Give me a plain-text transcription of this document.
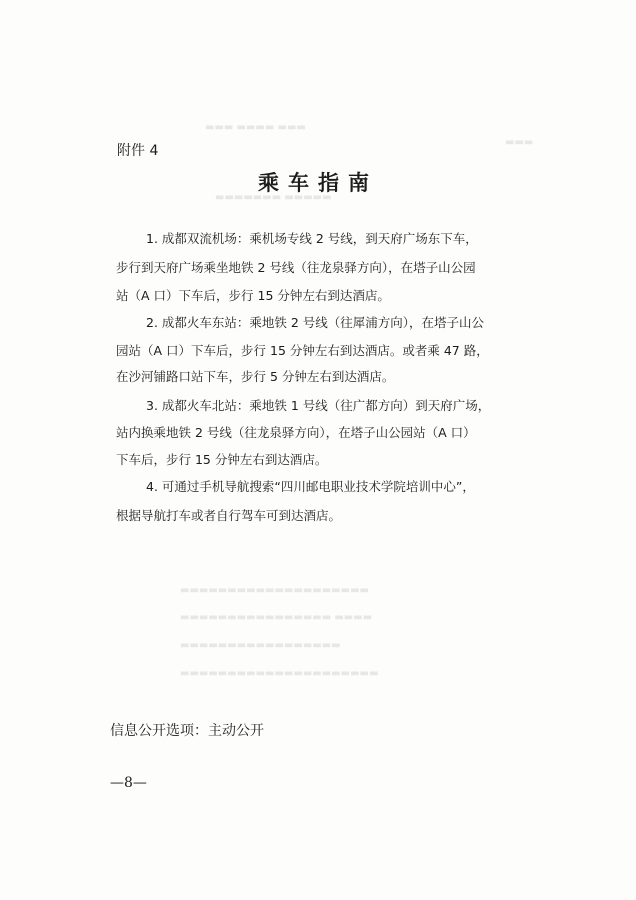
▬▬▬ ▬▬▬▬ ▬▬▬
▬▬▬
▬▬▬▬▬▬▬ ▬▬▬▬▬
▬▬▬▬▬▬▬▬▬▬▬▬▬▬▬▬▬▬▬▬
▬▬▬▬▬▬▬▬▬▬▬▬▬▬▬▬ ▬▬▬▬
▬▬▬▬▬▬▬▬▬▬▬▬▬▬▬▬▬
▬▬▬▬▬▬▬▬▬▬▬▬▬▬▬▬▬▬▬▬▬
附件 4
乘车指南
1. 成都双流机场：乘机场专线 2 号线，到天府广场东下车，
步行到天府广场乘坐地铁 2 号线（往龙泉驿方向），在塔子山公园
站（A 口）下车后，步行 15 分钟左右到达酒店。
2. 成都火车东站：乘地铁 2 号线（往犀浦方向），在塔子山公
园站（A 口）下车后，步行 15 分钟左右到达酒店。或者乘 47 路，
在沙河铺路口站下车，步行 5 分钟左右到达酒店。
3. 成都火车北站：乘地铁 1 号线（往广都方向）到天府广场，
站内换乘地铁 2 号线（往龙泉驿方向），在塔子山公园站（A 口）
下车后，步行 15 分钟左右到达酒店。
4. 可通过手机导航搜索“四川邮电职业技术学院培训中心”，
根据导航打车或者自行驾车可到达酒店。
信息公开选项：主动公开
—8—
